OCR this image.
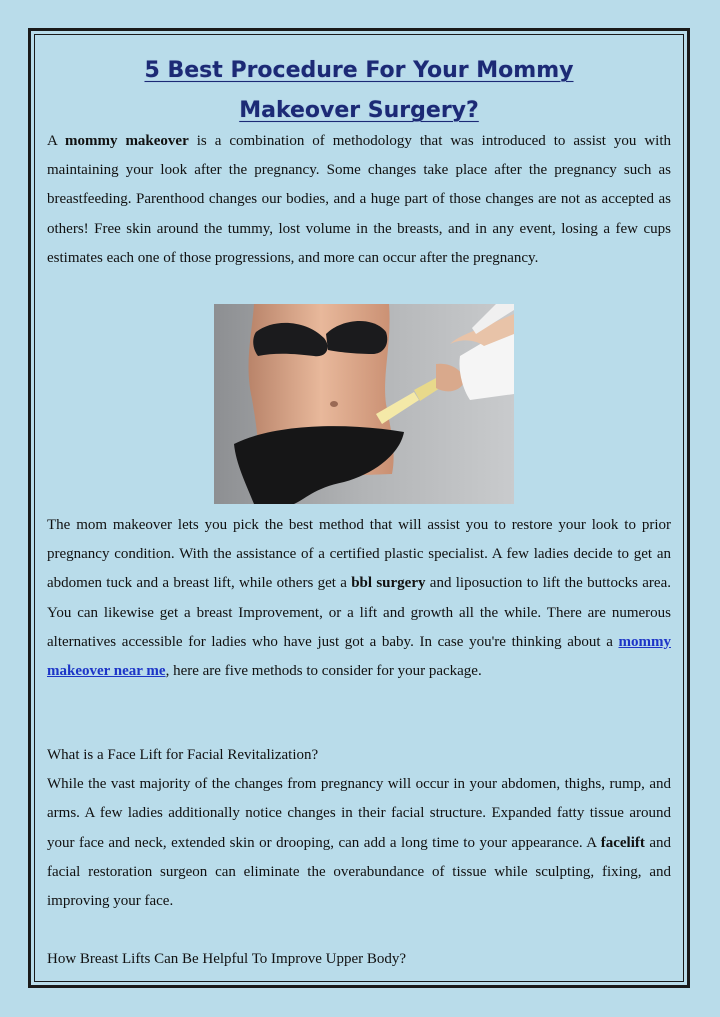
5 Best Procedure For Your Mommy
Makeover Surgery?

A mommy makeover is a combination of methodology that was introduced to assist you with maintaining your look after the pregnancy. Some changes take place after the pregnancy such as breastfeeding. Parenthood changes our bodies, and a huge part of those changes are not as accepted as others! Free skin around the tummy, lost volume in the breasts, and in any event, losing a few cups estimates each one of those progressions, and more can occur after the pregnancy.

The mom makeover lets you pick the best method that will assist you to restore your look to prior pregnancy condition. With the assistance of a certified plastic specialist. A few ladies decide to get an abdomen tuck and a breast lift, while others get a bbl surgery and liposuction to lift the buttocks area. You can likewise get a breast Improvement, or a lift and growth all the while. There are numerous alternatives accessible for ladies who have just got a baby. In case you're thinking about a mommy makeover near me, here are five methods to consider for your package.

What is a Face Lift for Facial Revitalization?

While the vast majority of the changes from pregnancy will occur in your abdomen, thighs, rump, and arms. A few ladies additionally notice changes in their facial structure. Expanded fatty tissue around your face and neck, extended skin or drooping, can add a long time to your appearance. A facelift and facial restoration surgeon can eliminate the overabundance of tissue while sculpting, fixing, and improving your face.

How Breast Lifts Can Be Helpful To Improve Upper Body?
